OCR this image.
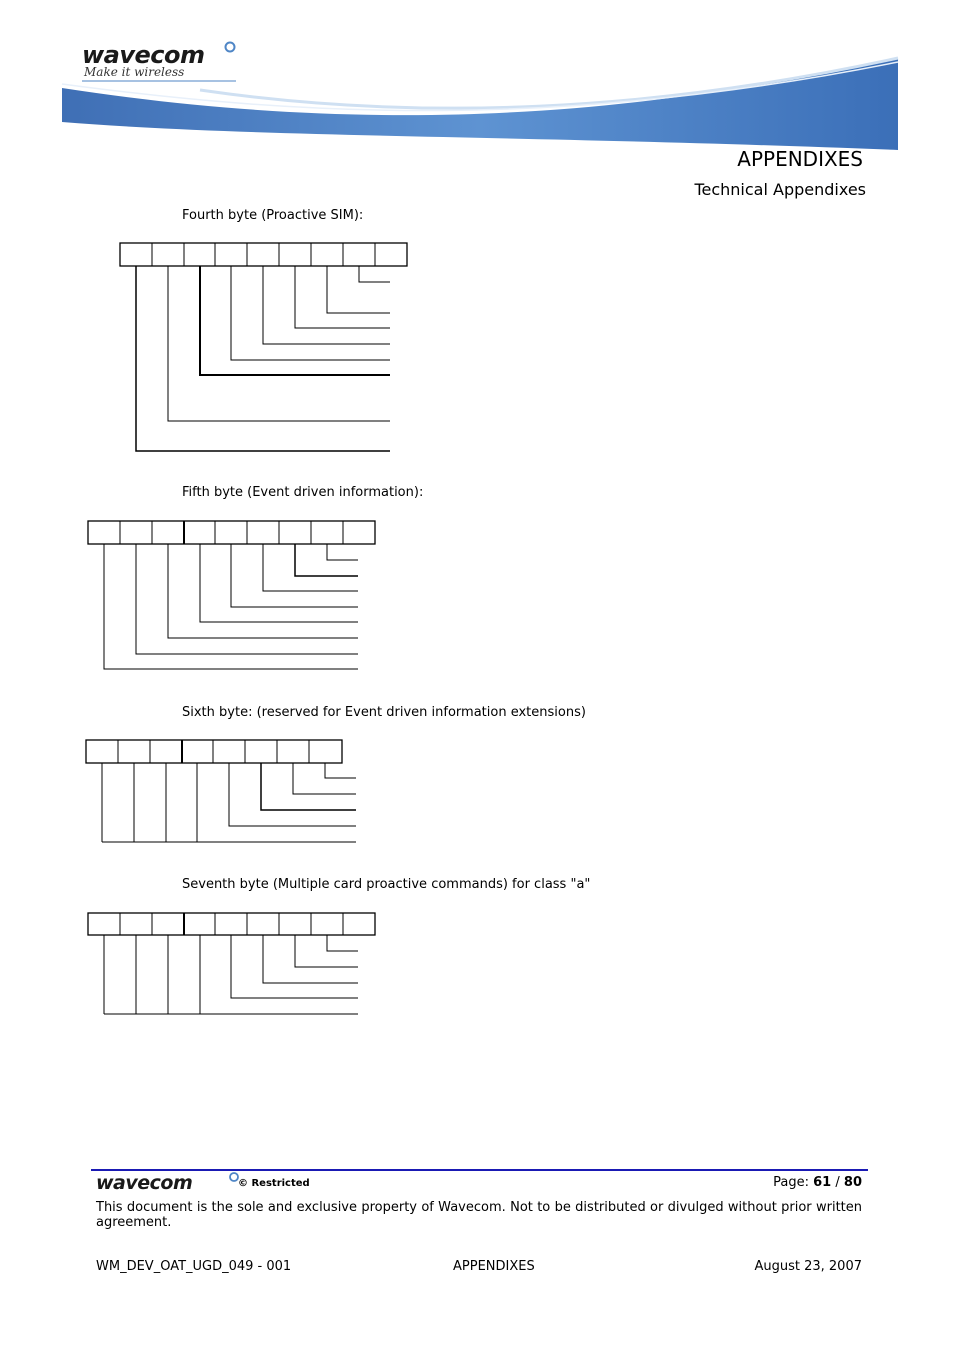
wavecom
Make it wireless
APPENDIXES
Technical Appendixes
Fourth byte (Proactive SIM):
Fifth byte (Event driven information):
Sixth byte: (reserved for Event driven information extensions)
Seventh byte (Multiple card proactive commands) for class "a"
wavecom	© Restricted	Page: 61 / 80
This document is the sole and exclusive property of Wavecom. Not to be distributed or divulged without prior written agreement.
WM_DEV_OAT_UGD_049 - 001	APPENDIXES	August 23, 2007
